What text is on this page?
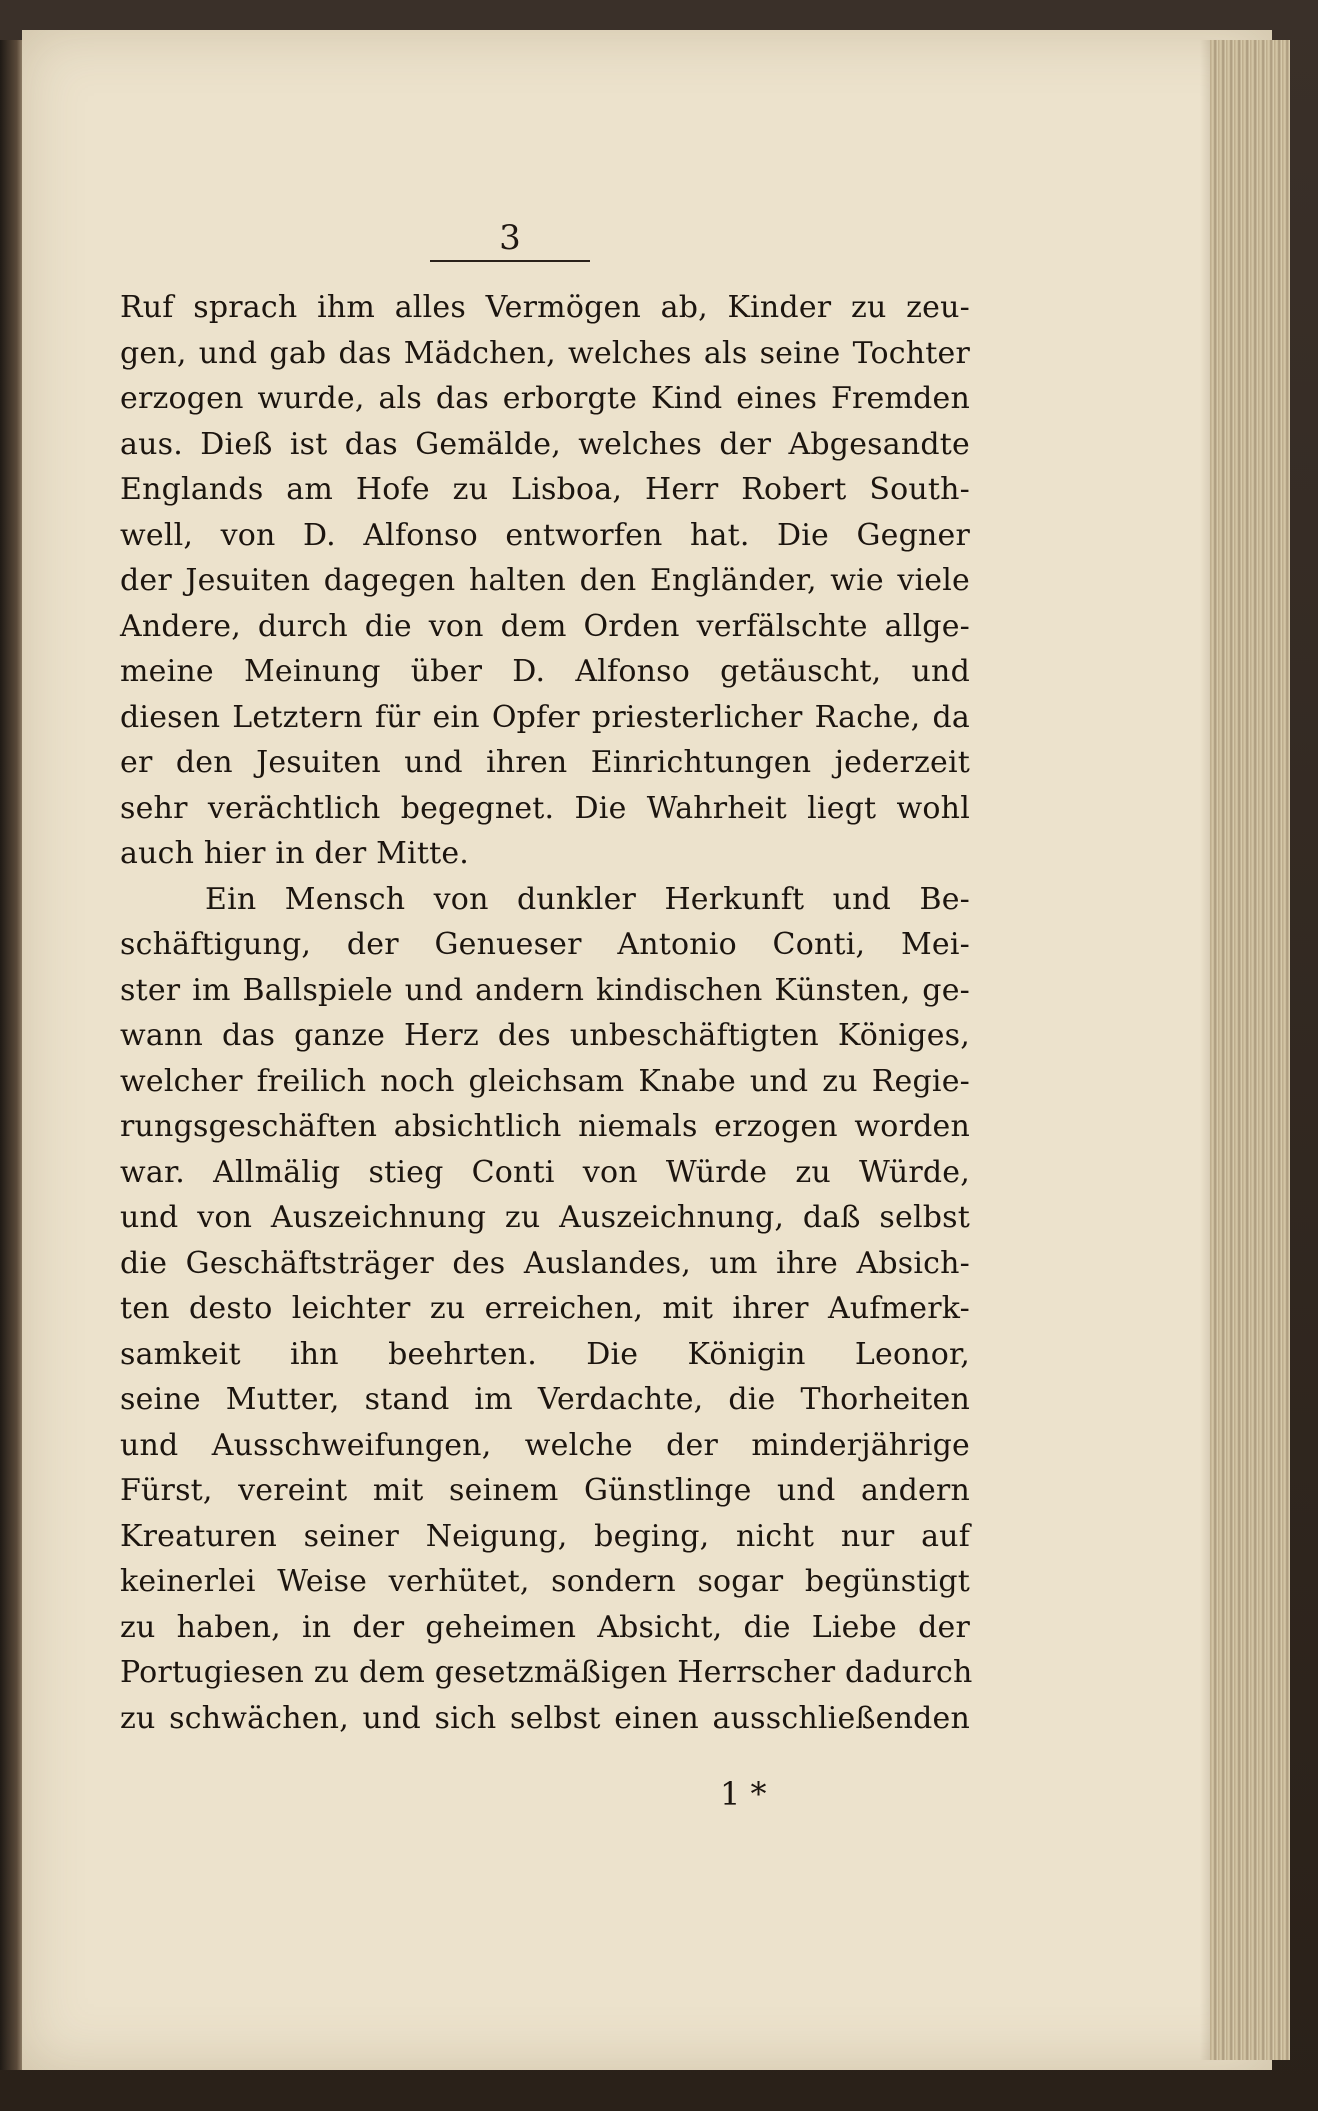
3
Ruf sprach ihm alles Vermögen ab, Kinder zu zeu-
gen, und gab das Mädchen, welches als seine Tochter
erzogen wurde, als das erborgte Kind eines Fremden
aus. Dieß ist das Gemälde, welches der Abgesandte
Englands am Hofe zu Lisboa, Herr Robert South-
well, von D. Alfonso entworfen hat. Die Gegner
der Jesuiten dagegen halten den Engländer, wie viele
Andere, durch die von dem Orden verfälschte allge-
meine Meinung über D. Alfonso getäuscht, und
diesen Letztern für ein Opfer priesterlicher Rache, da
er den Jesuiten und ihren Einrichtungen jederzeit
sehr verächtlich begegnet. Die Wahrheit liegt wohl
auch hier in der Mitte.
Ein Mensch von dunkler Herkunft und Be-
schäftigung, der Genueser Antonio Conti, Mei-
ster im Ballspiele und andern kindischen Künsten, ge-
wann das ganze Herz des unbeschäftigten Königes,
welcher freilich noch gleichsam Knabe und zu Regie-
rungsgeschäften absichtlich niemals erzogen worden
war. Allmälig stieg Conti von Würde zu Würde,
und von Auszeichnung zu Auszeichnung, daß selbst
die Geschäftsträger des Auslandes, um ihre Absich-
ten desto leichter zu erreichen, mit ihrer Aufmerk-
samkeit ihn beehrten. Die Königin Leonor,
seine Mutter, stand im Verdachte, die Thorheiten
und Ausschweifungen, welche der minderjährige
Fürst, vereint mit seinem Günstlinge und andern
Kreaturen seiner Neigung, beging, nicht nur auf
keinerlei Weise verhütet, sondern sogar begünstigt
zu haben, in der geheimen Absicht, die Liebe der
Portugiesen zu dem gesetzmäßigen Herrscher dadurch
zu schwächen, und sich selbst einen ausschließenden
1 *
